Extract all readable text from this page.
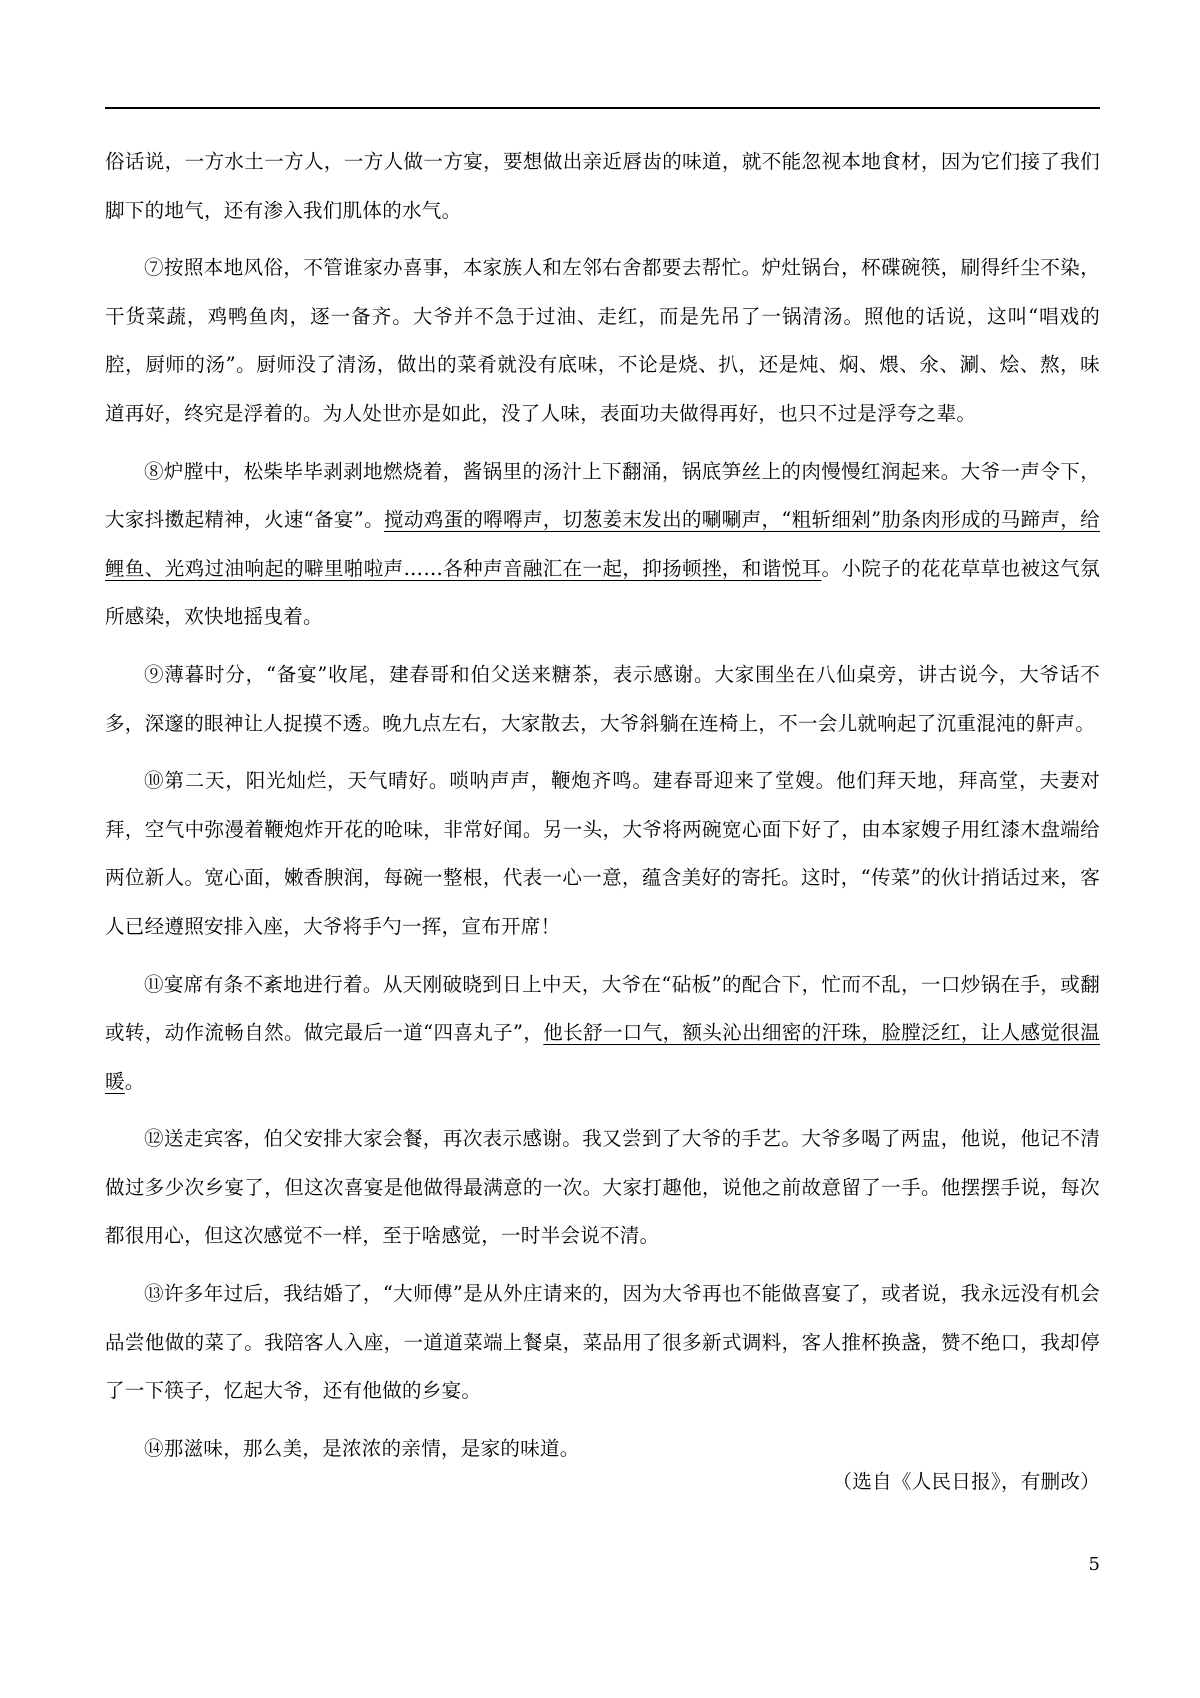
俗话说，一方水土一方人，一方人做一方宴，要想做出亲近唇齿的味道，就不能忽视本地食材，因为它们接了我们脚下的地气，还有渗入我们肌体的水气。

⑦按照本地风俗，不管谁家办喜事，本家族人和左邻右舍都要去帮忙。炉灶锅台，杯碟碗筷，刷得纤尘不染，干货菜蔬，鸡鸭鱼肉，逐一备齐。大爷并不急于过油、走红，而是先吊了一锅清汤。照他的话说，这叫“唱戏的腔，厨师的汤”。厨师没了清汤，做出的菜肴就没有底味，不论是烧、扒，还是炖、焖、煨、氽、涮、烩、熬，味道再好，终究是浮着的。为人处世亦是如此，没了人味，表面功夫做得再好，也只不过是浮夸之辈。

⑧炉膛中，松柴毕毕剥剥地燃烧着，酱锅里的汤汁上下翻涌，锅底笋丝上的肉慢慢红润起来。大爷一声令下，大家抖擞起精神，火速“备宴”。搅动鸡蛋的嘚嘚声，切葱姜末发出的唰唰声，“粗斩细剁”肋条肉形成的马蹄声，给鲤鱼、光鸡过油响起的噼里啪啦声……各种声音融汇在一起，抑扬顿挫，和谐悦耳。小院子的花花草草也被这气氛所感染，欢快地摇曳着。

⑨薄暮时分，“备宴”收尾，建春哥和伯父送来糖茶，表示感谢。大家围坐在八仙桌旁，讲古说今，大爷话不多，深邃的眼神让人捉摸不透。晚九点左右，大家散去，大爷斜躺在连椅上，不一会儿就响起了沉重混沌的鼾声。

⑩第二天，阳光灿烂，天气晴好。唢呐声声，鞭炮齐鸣。建春哥迎来了堂嫂。他们拜天地，拜高堂，夫妻对拜，空气中弥漫着鞭炮炸开花的呛味，非常好闻。另一头，大爷将两碗宽心面下好了，由本家嫂子用红漆木盘端给两位新人。宽心面，嫩香腴润，每碗一整根，代表一心一意，蕴含美好的寄托。这时，“传菜”的伙计捎话过来，客人已经遵照安排入座，大爷将手勺一挥，宣布开席！

⑪宴席有条不紊地进行着。从天刚破晓到日上中天，大爷在“砧板”的配合下，忙而不乱，一口炒锅在手，或翻或转，动作流畅自然。做完最后一道“四喜丸子”，他长舒一口气，额头沁出细密的汗珠，脸膛泛红，让人感觉很温暖。

⑫送走宾客，伯父安排大家会餐，再次表示感谢。我又尝到了大爷的手艺。大爷多喝了两盅，他说，他记不清做过多少次乡宴了，但这次喜宴是他做得最满意的一次。大家打趣他，说他之前故意留了一手。他摆摆手说，每次都很用心，但这次感觉不一样，至于啥感觉，一时半会说不清。

⑬许多年过后，我结婚了，“大师傅”是从外庄请来的，因为大爷再也不能做喜宴了，或者说，我永远没有机会品尝他做的菜了。我陪客人入座，一道道菜端上餐桌，菜品用了很多新式调料，客人推杯换盏，赞不绝口，我却停了一下筷子，忆起大爷，还有他做的乡宴。

⑭那滋味，那么美，是浓浓的亲情，是家的味道。

（选自《人民日报》，有删改）
5
